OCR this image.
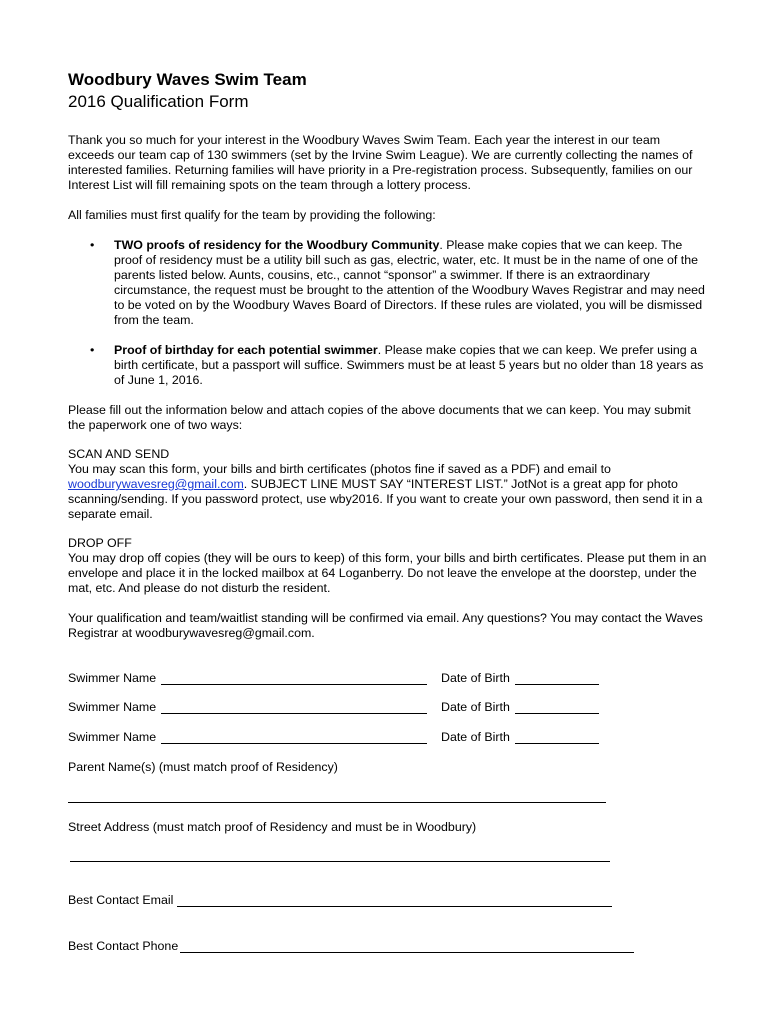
Woodbury Waves Swim Team
2016 Qualification Form

Thank you so much for your interest in the Woodbury Waves Swim Team. Each year the interest in our team exceeds our team cap of 130 swimmers (set by the Irvine Swim League). We are currently collecting the names of interested families. Returning families will have priority in a Pre-registration process. Subsequently, families on our Interest List will fill remaining spots on the team through a lottery process.

All families must first qualify for the team by providing the following:

• TWO proofs of residency for the Woodbury Community. Please make copies that we can keep. The proof of residency must be a utility bill such as gas, electric, water, etc. It must be in the name of one of the parents listed below. Aunts, cousins, etc., cannot “sponsor” a swimmer. If there is an extraordinary circumstance, the request must be brought to the attention of the Woodbury Waves Registrar and may need to be voted on by the Woodbury Waves Board of Directors. If these rules are violated, you will be dismissed from the team.
• Proof of birthday for each potential swimmer. Please make copies that we can keep. We prefer using a birth certificate, but a passport will suffice. Swimmers must be at least 5 years but no older than 18 years as of June 1, 2016.

Please fill out the information below and attach copies of the above documents that we can keep. You may submit the paperwork one of two ways:

SCAN AND SEND
You may scan this form, your bills and birth certificates (photos fine if saved as a PDF) and email to woodburywavesreg@gmail.com. SUBJECT LINE MUST SAY “INTEREST LIST.” JotNot is a great app for photo scanning/sending. If you password protect, use wby2016. If you want to create your own password, then send it in a separate email.
DROP OFF
You may drop off copies (they will be ours to keep) of this form, your bills and birth certificates. Please put them in an envelope and place it in the locked mailbox at 64 Loganberry. Do not leave the envelope at the doorstep, under the mat, etc. And please do not disturb the resident.

Your qualification and team/waitlist standing will be confirmed via email. Any questions? You may contact the Waves Registrar at woodburywavesreg@gmail.com.

Swimmer Name	Date of Birth
Swimmer Name	Date of Birth
Swimmer Name	Date of Birth
Parent Name(s) (must match proof of Residency)
Street Address (must match proof of Residency and must be in Woodbury)
Best Contact Email
Best Contact Phone
